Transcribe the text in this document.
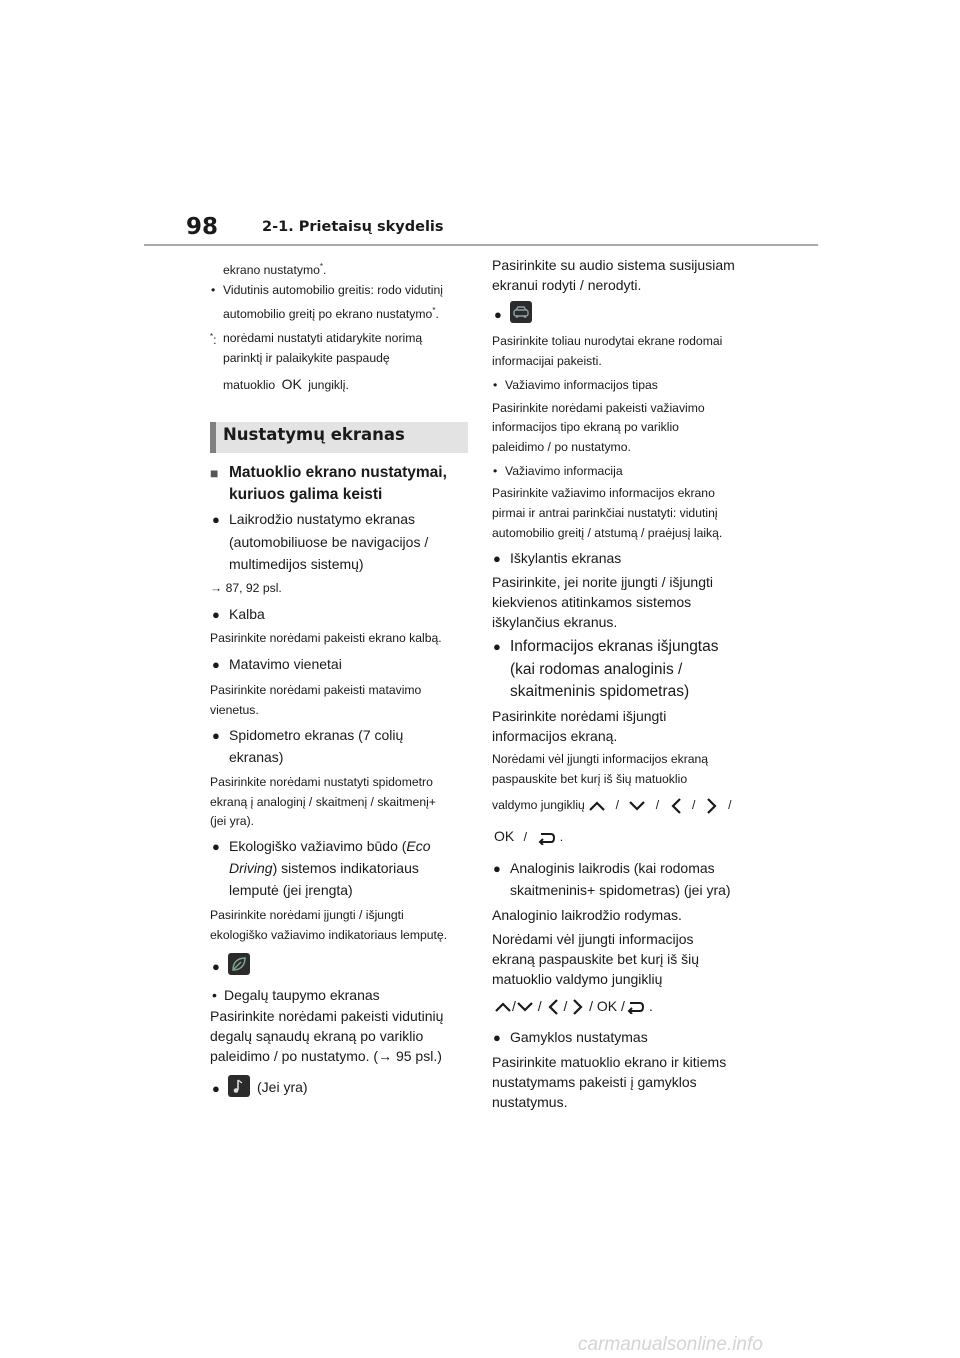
98	2-1. Prietaisų skydelis
ekrano nustatymo*.
• Vidutinis automobilio greitis: rodo vidutinį
automobilio greitį po ekrano nustatymo*.
*: norėdami nustatyti atidarykite norimą
parinktį ir palaikykite paspaudę
matuoklio OK jungiklį.
Nustatymų ekranas
■ Matuoklio ekrano nustatymai,
kuriuos galima keisti
● Laikrodžio nustatymo ekranas
(automobiliuose be navigacijos /
multimedijos sistemų)
→ 87, 92 psl.
● Kalba
Pasirinkite norėdami pakeisti ekrano kalbą.
● Matavimo vienetai
Pasirinkite norėdami pakeisti matavimo
vienetus.
● Spidometro ekranas (7 colių
ekranas)
Pasirinkite norėdami nustatyti spidometro
ekraną į analoginį / skaitmenį / skaitmenį+
(jei yra).
● Ekologiško važiavimo būdo (Eco
Driving) sistemos indikatoriaus
lemputė (jei įrengta)
Pasirinkite norėdami įjungti / išjungti
ekologiško važiavimo indikatoriaus lemputę.
●
• Degalų taupymo ekranas
Pasirinkite norėdami pakeisti vidutinių
degalų sąnaudų ekraną po variklio
paleidimo / po nustatymo. (→ 95 psl.)
●
(Jei yra)
Pasirinkite su audio sistema susijusiam
ekranui rodyti / nerodyti.
●
Pasirinkite toliau nurodytai ekrane rodomai
informacijai pakeisti.
• Važiavimo informacijos tipas
Pasirinkite norėdami pakeisti važiavimo
informacijos tipo ekraną po variklio
paleidimo / po nustatymo.
• Važiavimo informacija
Pasirinkite važiavimo informacijos ekrano
pirmai ir antrai parinkčiai nustatyti: vidutinį
automobilio greitį / atstumą / praėjusį laiką.
● Iškylantis ekranas
Pasirinkite, jei norite įjungti / išjungti
kiekvienos atitinkamos sistemos
iškylančius ekranus.
● Informacijos ekranas išjungtas
(kai rodomas analoginis /
skaitmeninis spidometras)
Pasirinkite norėdami išjungti
informacijos ekraną.
Norėdami vėl įjungti informacijos ekraną
paspauskite bet kurį iš šių matuoklio
valdymo jungiklių	/	/	/	/
OK /	.
● Analoginis laikrodis (kai rodomas
skaitmeninis+ spidometras) (jei yra)
Analoginio laikrodžio rodymas.
Norėdami vėl įjungti informacijos
ekraną paspauskite bet kurį iš šių
matuoklio valdymo jungiklių
/ / / / OK / .
● Gamyklos nustatymas
Pasirinkite matuoklio ekrano ir kitiems
nustatymams pakeisti į gamyklos
nustatymus.
carmanualsonline.info
